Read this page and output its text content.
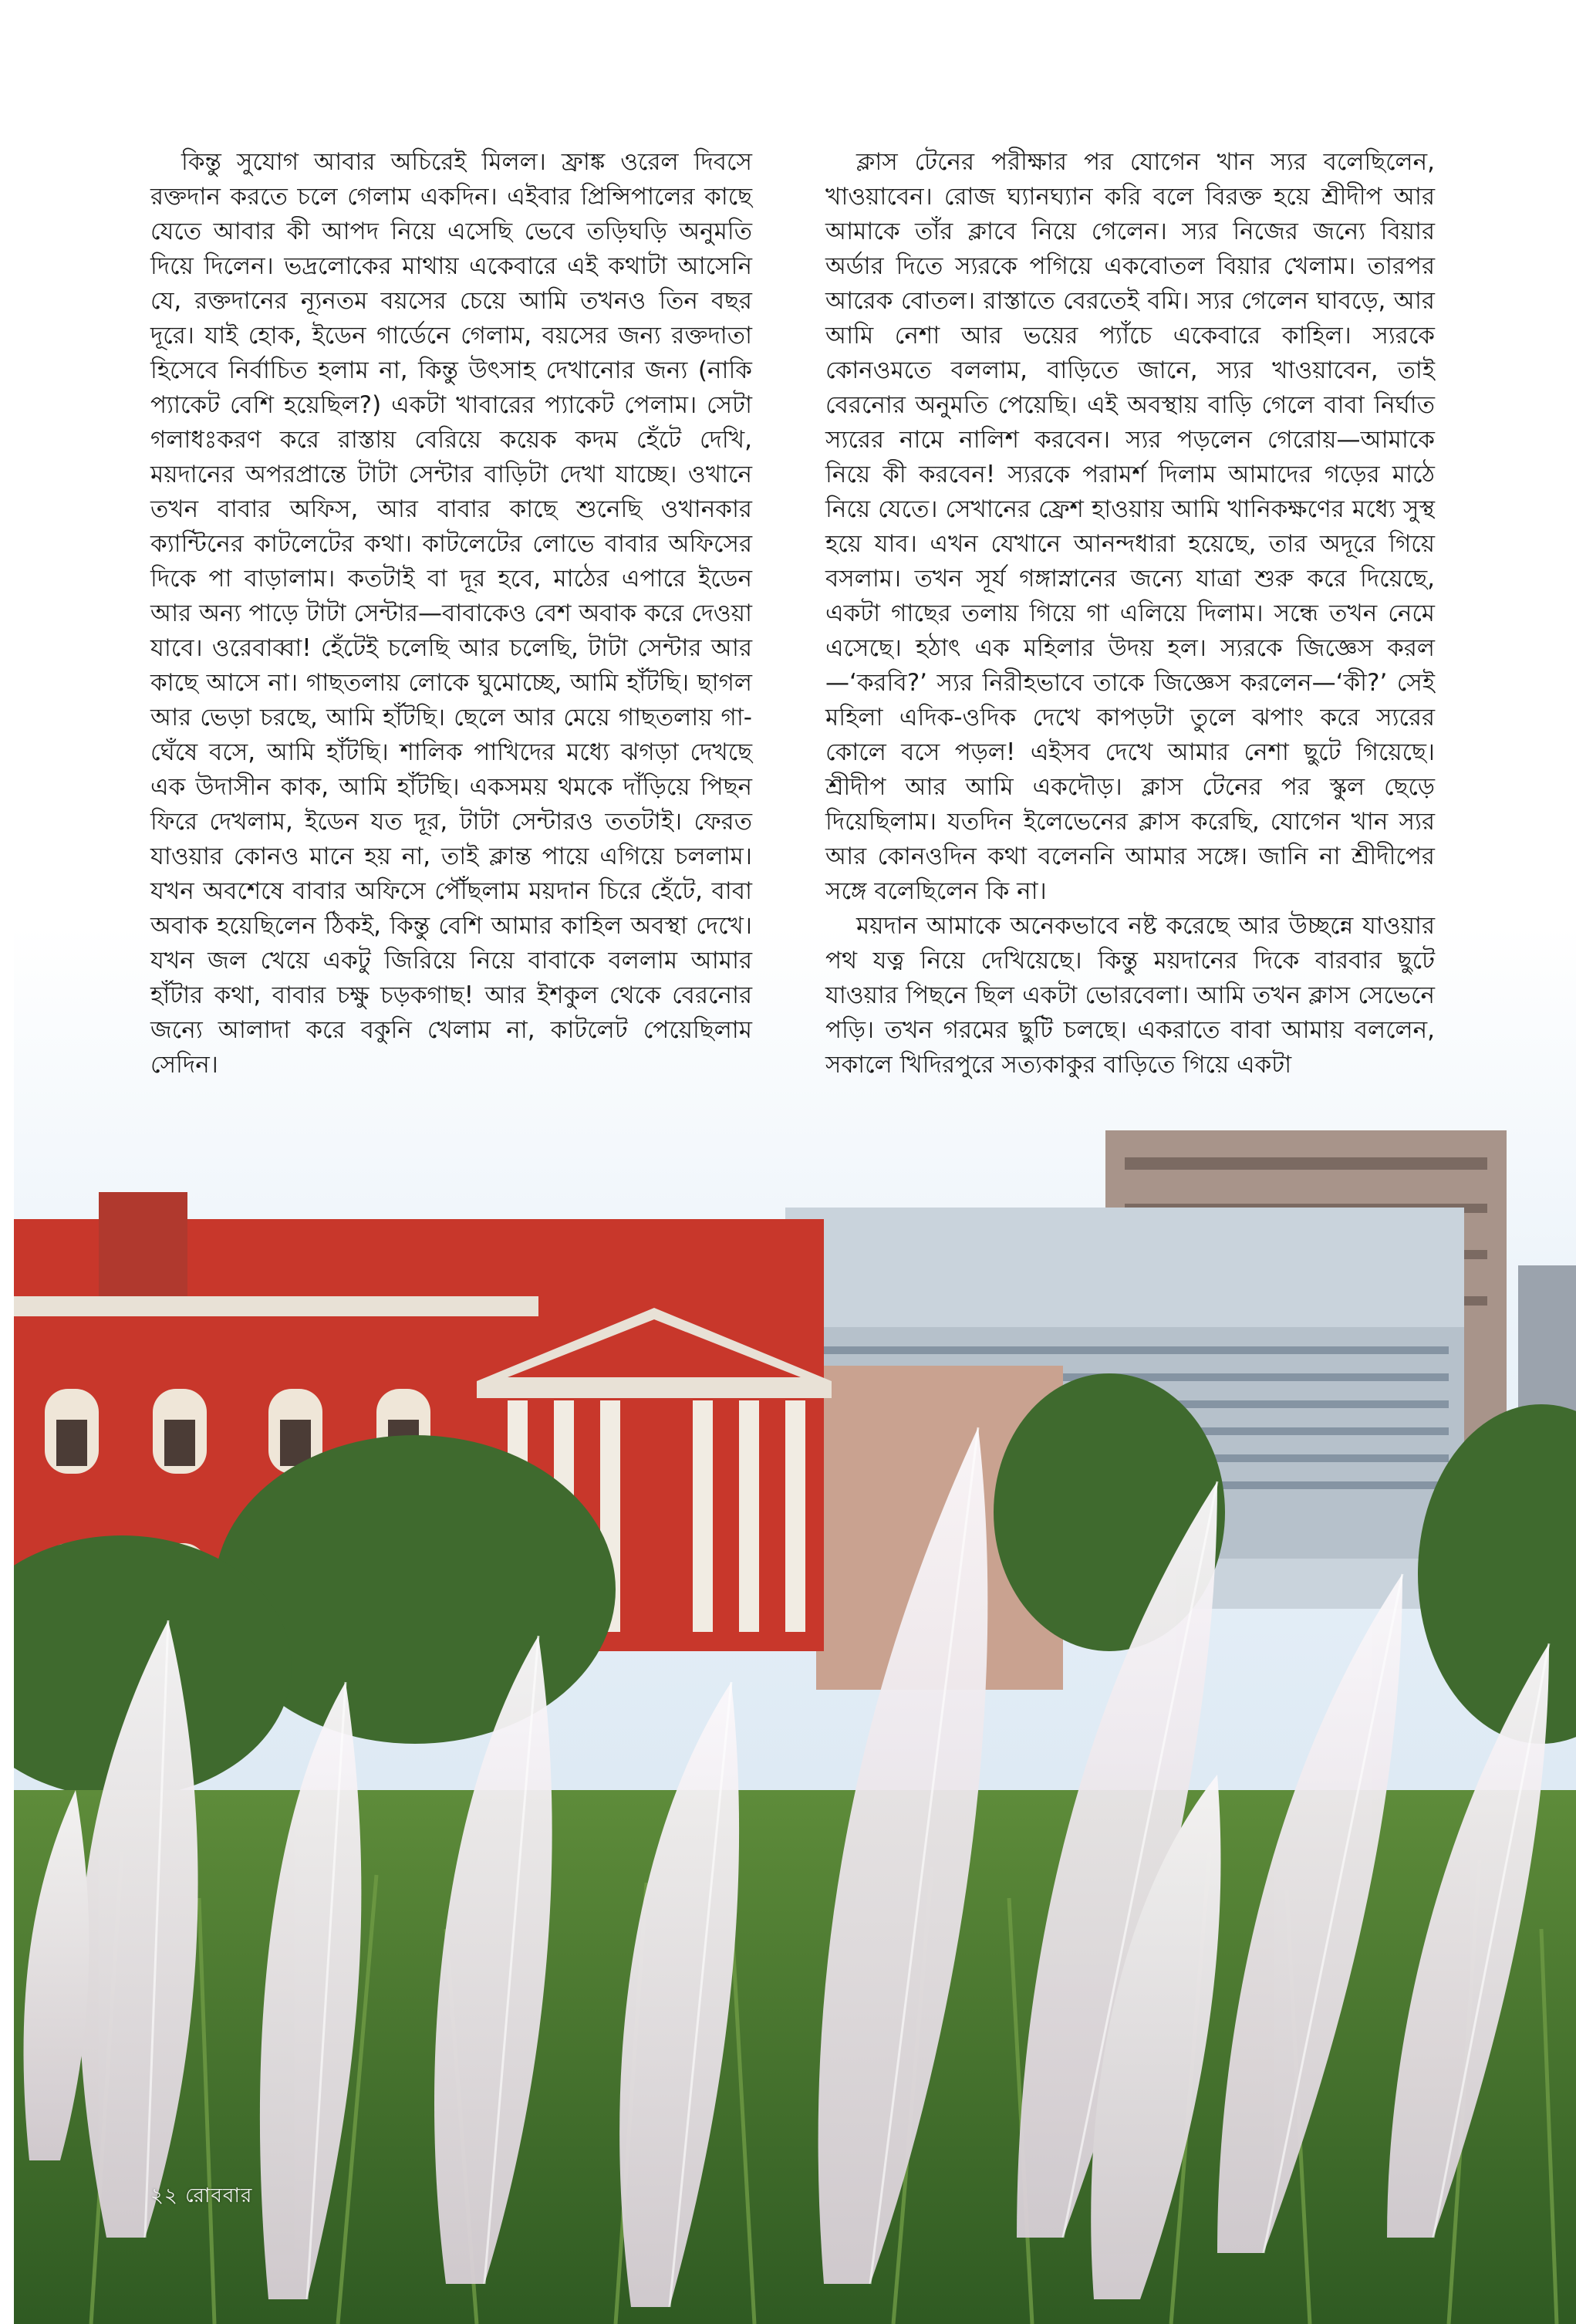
কিন্তু সুযোগ আবার অচিরেই মিলল। ফ্রাঙ্ক ওরেল দিবসে রক্তদান করতে চলে গেলাম একদিন। এইবার প্রিন্সিপালের কাছে যেতে আবার কী আপদ নিয়ে এসেছি ভেবে তড়িঘড়ি অনুমতি দিয়ে দিলেন। ভদ্রলোকের মাথায় একেবারে এই কথাটা আসেনি যে, রক্তদানের ন্যূনতম বয়সের চেয়ে আমি তখনও তিন বছর দূরে। যাই হোক, ইডেন গার্ডেনে গেলাম, বয়সের জন্য রক্তদাতা হিসেবে নির্বাচিত হলাম না, কিন্তু উৎসাহ দেখানোর জন্য (নাকি প্যাকেট বেশি হয়েছিল?) একটা খাবারের প্যাকেট পেলাম। সেটা গলাধঃকরণ করে রাস্তায় বেরিয়ে কয়েক কদম হেঁটে দেখি, ময়দানের অপরপ্রান্তে টাটা সেন্টার বাড়িটা দেখা যাচ্ছে। ওখানে তখন বাবার অফিস, আর বাবার কাছে শুনেছি ওখানকার ক্যান্টিনের কাটলেটের কথা। কাটলেটের লোভে বাবার অফিসের দিকে পা বাড়ালাম। কতটাই বা দূর হবে, মাঠের এপারে ইডেন আর অন্য পাড়ে টাটা সেন্টার—বাবাকেও বেশ অবাক করে দেওয়া যাবে। ওরেবাব্বা! হেঁটেই চলেছি আর চলেছি, টাটা সেন্টার আর কাছে আসে না। গাছতলায় লোকে ঘুমোচ্ছে, আমি হাঁটছি। ছাগল আর ভেড়া চরছে, আমি হাঁটছি। ছেলে আর মেয়ে গাছতলায় গা-ঘেঁষে বসে, আমি হাঁটছি। শালিক পাখিদের মধ্যে ঝগড়া দেখছে এক উদাসীন কাক, আমি হাঁটছি। একসময় থমকে দাঁড়িয়ে পিছন ফিরে দেখলাম, ইডেন যত দূর, টাটা সেন্টারও ততটাই। ফেরত যাওয়ার কোনও মানে হয় না, তাই ক্লান্ত পায়ে এগিয়ে চললাম। যখন অবশেষে বাবার অফিসে পৌঁছলাম ময়দান চিরে হেঁটে, বাবা অবাক হয়েছিলেন ঠিকই, কিন্তু বেশি আমার কাহিল অবস্থা দেখে। যখন জল খেয়ে একটু জিরিয়ে নিয়ে বাবাকে বললাম আমার হাঁটার কথা, বাবার চক্ষু চড়কগাছ! আর ইশকুল থেকে বেরনোর জন্যে আলাদা করে বকুনি খেলাম না, কাটলেট পেয়েছিলাম সেদিন।

ক্লাস টেনের পরীক্ষার পর যোগেন খান স্যর বলেছিলেন, খাওয়াবেন। রোজ ঘ্যানঘ্যান করি বলে বিরক্ত হয়ে শ্রীদীপ আর আমাকে তাঁর ক্লাবে নিয়ে গেলেন। স্যর নিজের জন্যে বিয়ার অর্ডার দিতে স্যরকে পগিয়ে একবোতল বিয়ার খেলাম। তারপর আরেক বোতল। রাস্তাতে বেরতেই বমি। স্যর গেলেন ঘাবড়ে, আর আমি নেশা আর ভয়ের প্যাঁচে একেবারে কাহিল। স্যরকে কোনওমতে বললাম, বাড়িতে জানে, স্যর খাওয়াবেন, তাই বেরনোর অনুমতি পেয়েছি। এই অবস্থায় বাড়ি গেলে বাবা নির্ঘাত স্যরের নামে নালিশ করবেন। স্যর পড়লেন গেরোয়—আমাকে নিয়ে কী করবেন! স্যরকে পরামর্শ দিলাম আমাদের গড়ের মাঠে নিয়ে যেতে। সেখানের ফ্রেশ হাওয়ায় আমি খানিকক্ষণের মধ্যে সুস্থ হয়ে যাব। এখন যেখানে আনন্দধারা হয়েছে, তার অদূরে গিয়ে বসলাম। তখন সূর্য গঙ্গাস্নানের জন্যে যাত্রা শুরু করে দিয়েছে, একটা গাছের তলায় গিয়ে গা এলিয়ে দিলাম। সন্ধে তখন নেমে এসেছে। হঠাৎ এক মহিলার উদয় হল। স্যরকে জিজ্ঞেস করল—‘করবি?’ স্যর নিরীহভাবে তাকে জিজ্ঞেস করলেন—‘কী?’ সেই মহিলা এদিক-ওদিক দেখে কাপড়টা তুলে ঝপাং করে স্যরের কোলে বসে পড়ল! এইসব দেখে আমার নেশা ছুটে গিয়েছে। শ্রীদীপ আর আমি একদৌড়। ক্লাস টেনের পর স্কুল ছেড়ে দিয়েছিলাম। যতদিন ইলেভেনের ক্লাস করেছি, যোগেন খান স্যর আর কোনওদিন কথা বলেননি আমার সঙ্গে। জানি না শ্রীদীপের সঙ্গে বলেছিলেন কি না।

ময়দান আমাকে অনেকভাবে নষ্ট করেছে আর উচ্ছন্নে যাওয়ার পথ যত্ন নিয়ে দেখিয়েছে। কিন্তু ময়দানের দিকে বারবার ছুটে যাওয়ার পিছনে ছিল একটা ভোরবেলা। আমি তখন ক্লাস সেভেনে পড়ি। তখন গরমের ছুটি চলছে। একরাতে বাবা আমায় বললেন, সকালে খিদিরপুরে সত্যকাকুর বাড়িতে গিয়ে একটা

২২ রোববার
